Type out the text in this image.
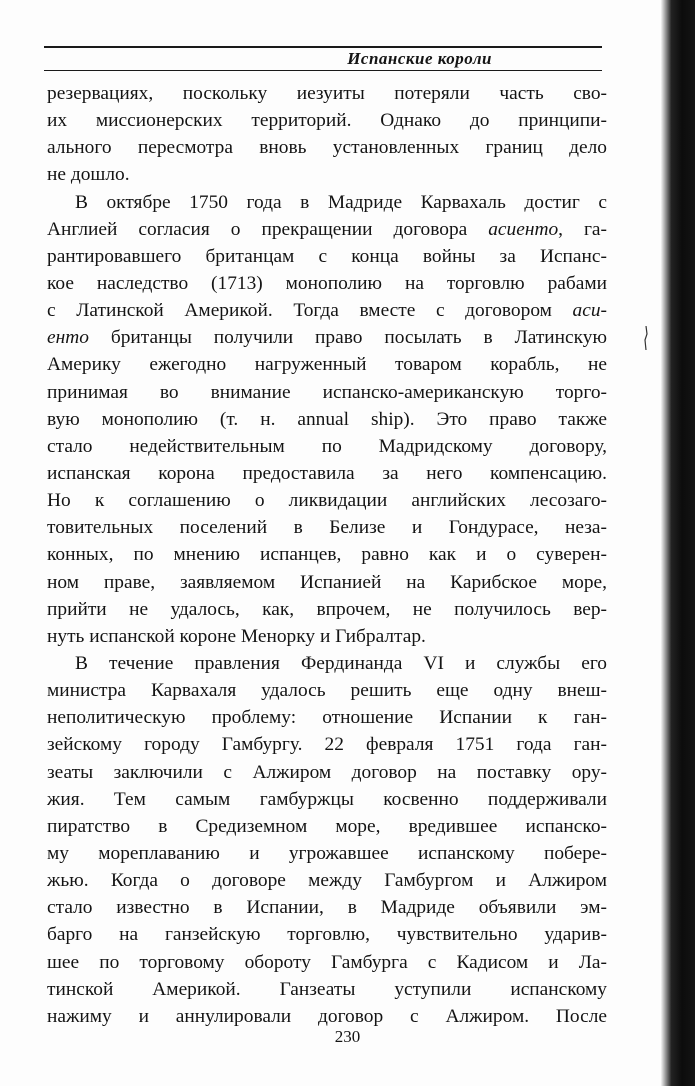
Испанские короли
резервациях, поскольку иезуиты потеряли часть сво-
их миссионерских территорий. Однако до принципи-
ального пересмотра вновь установленных границ дело
не дошло.
В октябре 1750 года в Мадриде Карвахаль достиг с
Англией согласия о прекращении договора асиенто, га-
рантировавшего британцам с конца войны за Испанс-
кое наследство (1713) монополию на торговлю рабами
с Латинской Америкой. Тогда вместе с договором аси-
енто британцы получили право посылать в Латинскую
Америку ежегодно нагруженный товаром корабль, не
принимая во внимание испанско-американскую торго-
вую монополию (т. н. annual ship). Это право также
стало недействительным по Мадридскому договору,
испанская корона предоставила за него компенсацию.
Но к соглашению о ликвидации английских лесозаго-
товительных поселений в Белизе и Гондурасе, неза-
конных, по мнению испанцев, равно как и о суверен-
ном праве, заявляемом Испанией на Карибское море,
прийти не удалось, как, впрочем, не получилось вер-
нуть испанской короне Менорку и Гибралтар.
В течение правления Фердинанда VI и службы его
министра Карвахаля удалось решить еще одну внеш-
неполитическую проблему: отношение Испании к ган-
зейскому городу Гамбургу. 22 февраля 1751 года ган-
зеаты заключили с Алжиром договор на поставку ору-
жия. Тем самым гамбуржцы косвенно поддерживали
пиратство в Средиземном море, вредившее испанско-
му мореплаванию и угрожавшее испанскому побере-
жью. Когда о договоре между Гамбургом и Алжиром
стало известно в Испании, в Мадриде объявили эм-
барго на ганзейскую торговлю, чувствительно ударив-
шее по торговому обороту Гамбурга с Кадисом и Ла-
тинской Америкой. Ганзеаты уступили испанскому
нажиму и аннулировали договор с Алжиром. После
230
